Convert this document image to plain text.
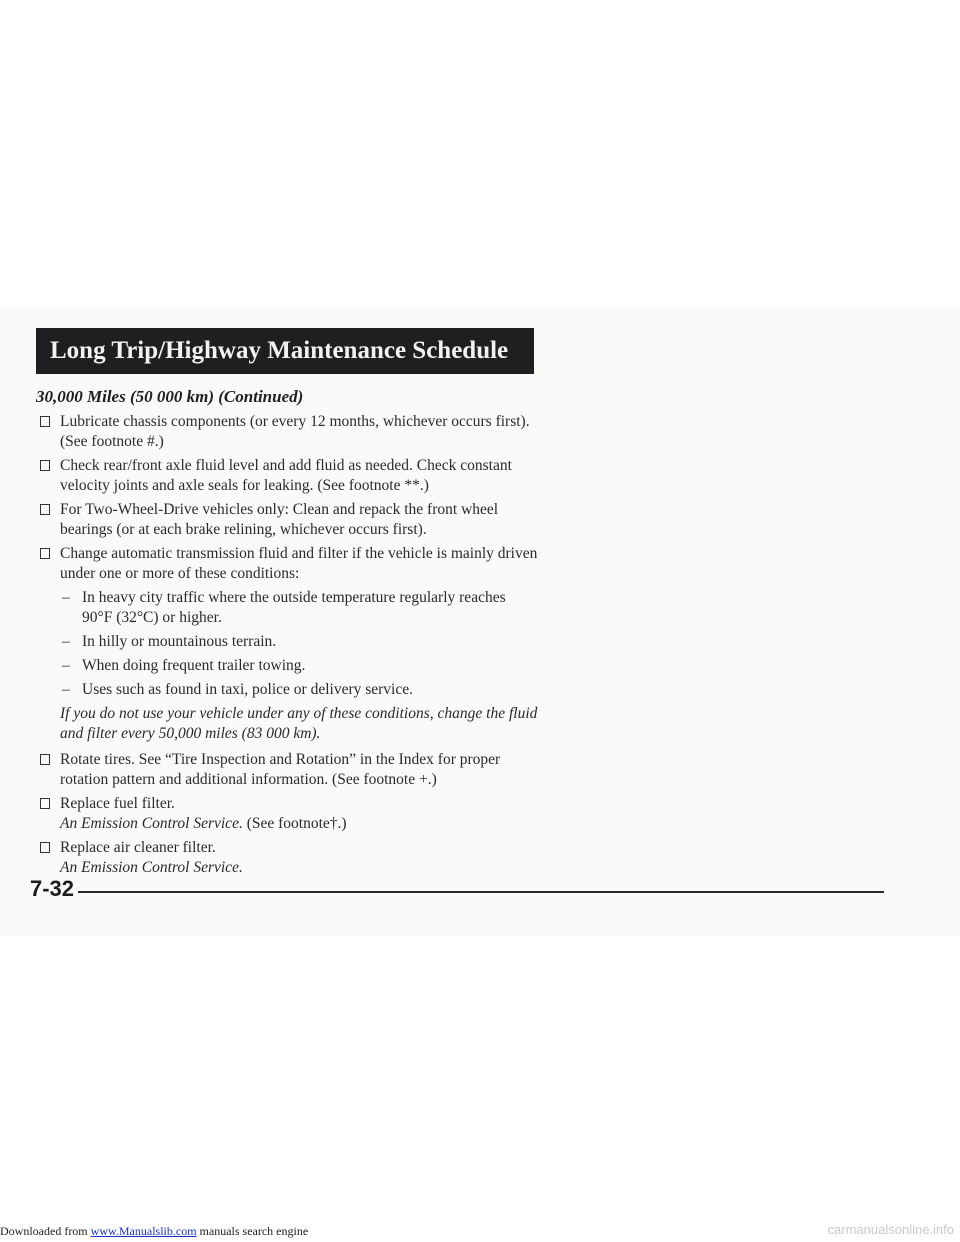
Long Trip/Highway Maintenance Schedule
30,000 Miles (50 000 km) (Continued)
Lubricate chassis components (or every 12 months, whichever occurs first).
(See footnote #.)
Check rear/front axle fluid level and add fluid as needed. Check constant
velocity joints and axle seals for leaking. (See footnote **.)
For Two-Wheel-Drive vehicles only: Clean and repack the front wheel
bearings (or at each brake relining, whichever occurs first).
Change automatic transmission fluid and filter if the vehicle is mainly driven
under one or more of these conditions:
– In heavy city traffic where the outside temperature regularly reaches
90°F (32°C) or higher.
– In hilly or mountainous terrain.
– When doing frequent trailer towing.
– Uses such as found in taxi, police or delivery service.
If you do not use your vehicle under any of these conditions, change the fluid
and filter every 50,000 miles (83 000 km).
Rotate tires. See “Tire Inspection and Rotation” in the Index for proper
rotation pattern and additional information. (See footnote +.)
Replace fuel filter.
An Emission Control Service. (See footnote†.)
Replace air cleaner filter.
An Emission Control Service.
7-32
Downloaded from www.Manualslib.com manuals search engine	carmanualsonline.info
